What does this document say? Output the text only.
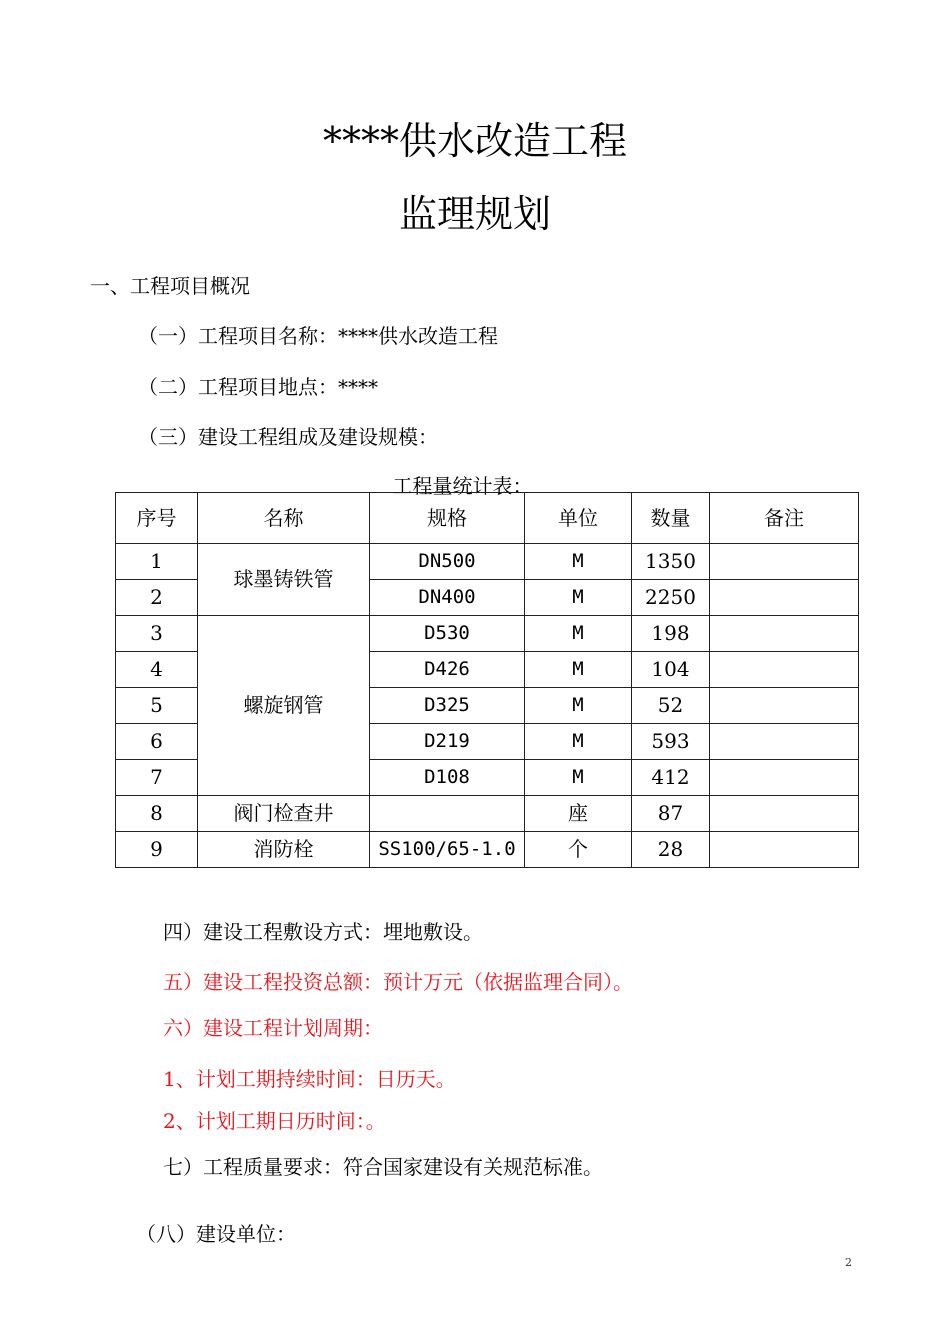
****供水改造工程
监理规划
一、工程项目概况
（一）工程项目名称：****供水改造工程
（二）工程项目地点：****
（三）建设工程组成及建设规模：
工程量统计表：
序号	名称	规格	单位	数量	备注
1	球墨铸铁管	DN500	M	1350	
2		DN400	M	2250	
3	螺旋钢管	D530	M	198	
4		D426	M	104	
5		D325	M	52	
6		D219	M	593	
7		D108	M	412	
8	阀门检查井		座	87	
9	消防栓	SS100/65-1.0	个	28	
四）建设工程敷设方式：埋地敷设。
五）建设工程投资总额：预计万元（依据监理合同）。
六）建设工程计划周期：
1、计划工期持续时间：日历天。
2、计划工期日历时间：。
七）工程质量要求：符合国家建设有关规范标准。
（八）建设单位：
2
